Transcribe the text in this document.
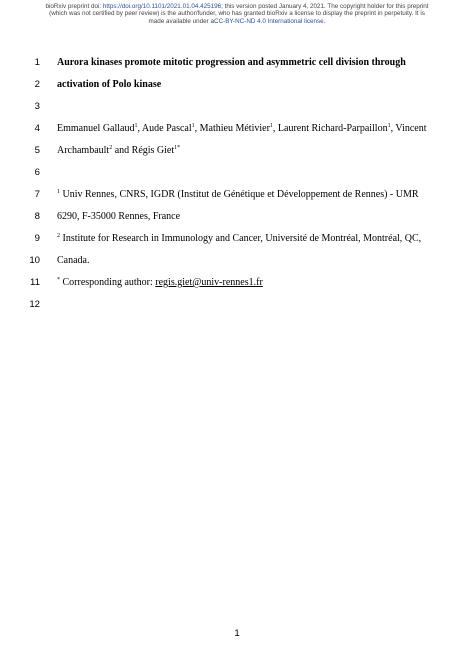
bioRxiv preprint doi: https://doi.org/10.1101/2021.01.04.425196; this version posted January 4, 2021. The copyright holder for this preprint
(which was not certified by peer review) is the author/funder, who has granted bioRxiv a license to display the preprint in perpetuity. It is
made available under aCC-BY-NC-ND 4.0 International license.
1 Aurora kinases promote mitotic progression and asymmetric cell division through
2 activation of Polo kinase
3
4 Emmanuel Gallaud$^1$, Aude Pascal$^1$, Mathieu Métivier$^1$, Laurent Richard-Parpaillon$^1$, Vincent
5 Archambault$^2$ and Régis Giet$^{1*}$
6
7	$^1$ Univ Rennes, CNRS, IGDR (Institut de Génétique et Développement de Rennes) - UMR
8 6290, F-35000 Rennes, France
9	$^2$ Institute for Research in Immunology and Cancer, Université de Montréal, Montréal, QC,
10 Canada.
11	* Corresponding author: regis.giet@univ-rennes1.fr
12
1
